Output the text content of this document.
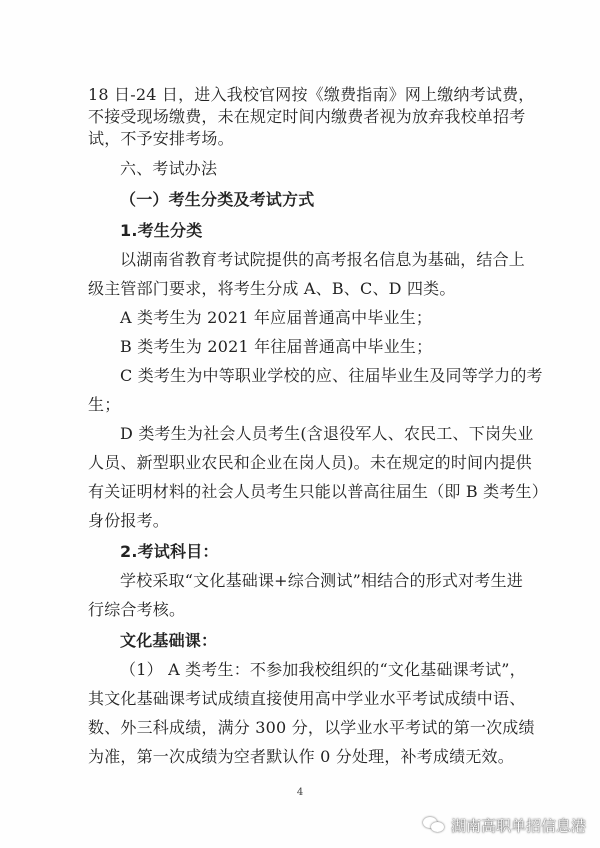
18 日-24 日，进入我校官网按《缴费指南》网上缴纳考试费，
不接受现场缴费，未在规定时间内缴费者视为放弃我校单招考
试，不予安排考场。
六、考试办法
（一）考生分类及考试方式
1.考生分类
以湖南省教育考试院提供的高考报名信息为基础，结合上
级主管部门要求，将考生分成 A、B、C、D 四类。
A 类考生为 2021 年应届普通高中毕业生；
B 类考生为 2021 年往届普通高中毕业生；
C 类考生为中等职业学校的应、往届毕业生及同等学力的考
生；
D 类考生为社会人员考生(含退役军人、农民工、下岗失业
人员、新型职业农民和企业在岗人员)。未在规定的时间内提供
有关证明材料的社会人员考生只能以普高往届生（即 B 类考生）
身份报考。
2.考试科目：
学校采取“文化基础课+综合测试”相结合的形式对考生进
行综合考核。
文化基础课：
（1） A 类考生：不参加我校组织的“文化基础课考试”，
其文化基础课考试成绩直接使用高中学业水平考试成绩中语、
数、外三科成绩，满分 300 分，以学业水平考试的第一次成绩
为准，第一次成绩为空者默认作 0 分处理，补考成绩无效。
4
湖南高职单招信息港
